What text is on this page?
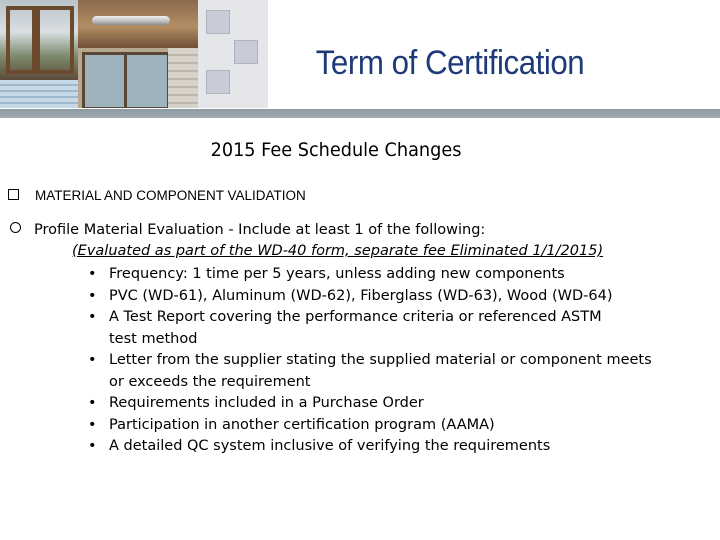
Term of Certification
2015 Fee Schedule Changes
MATERIAL AND COMPONENT VALIDATION
Profile Material Evaluation - Include at least 1 of the following:
(Evaluated as part of the WD-40 form, separate fee Eliminated 1/1/2015)
• Frequency: 1 time per 5 years, unless adding new components
• PVC (WD-61), Aluminum (WD-62), Fiberglass (WD-63), Wood (WD-64)
• A Test Report covering the performance criteria or referenced ASTM
test method
• Letter from the supplier stating the supplied material or component meets
or exceeds the requirement
• Requirements included in a Purchase Order
• Participation in another certification program (AAMA)
• A detailed QC system inclusive of verifying the requirements
